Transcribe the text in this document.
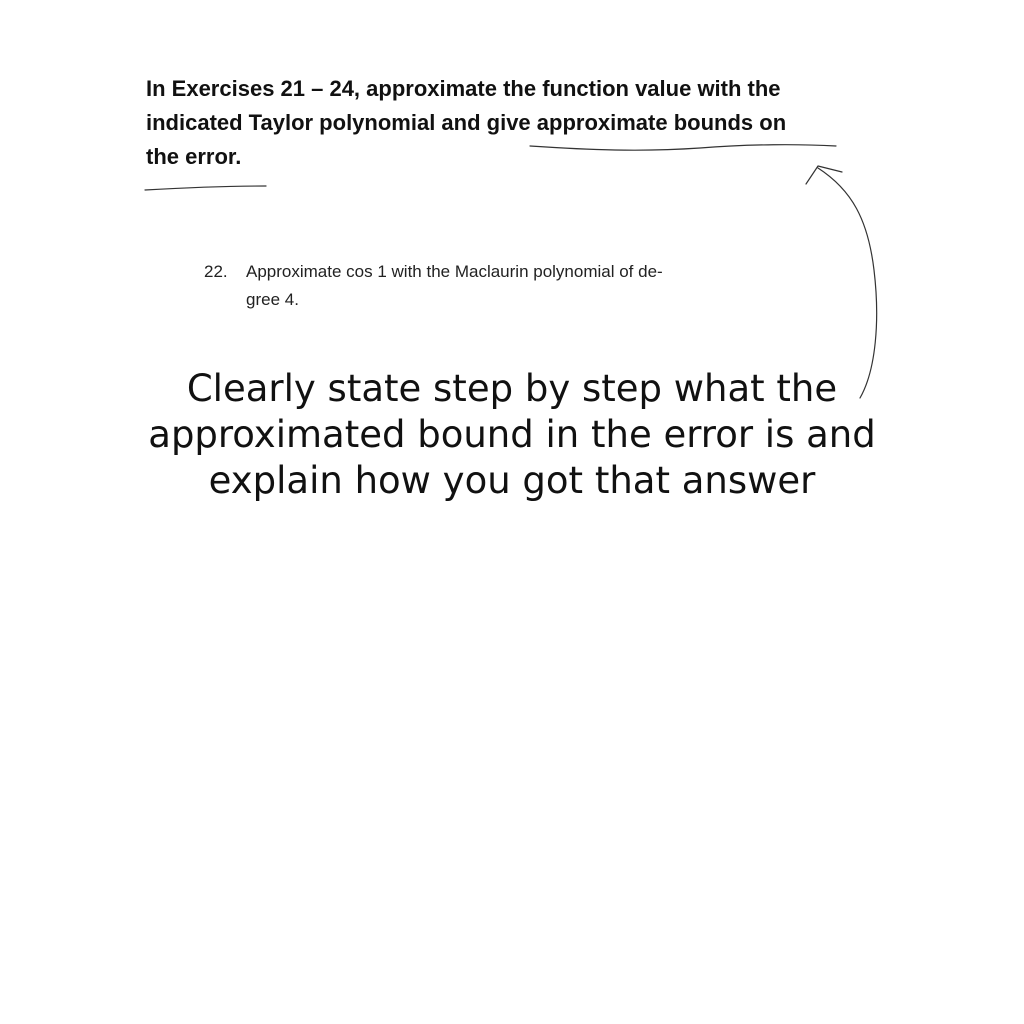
In Exercises 21 – 24, approximate the function value with the
indicated Taylor polynomial and give approximate bounds on
the error.
22. Approximate cos 1 with the Maclaurin polynomial of de-
gree 4.
Clearly state step by step what the
approximated bound in the error is and
explain how you got that answer
